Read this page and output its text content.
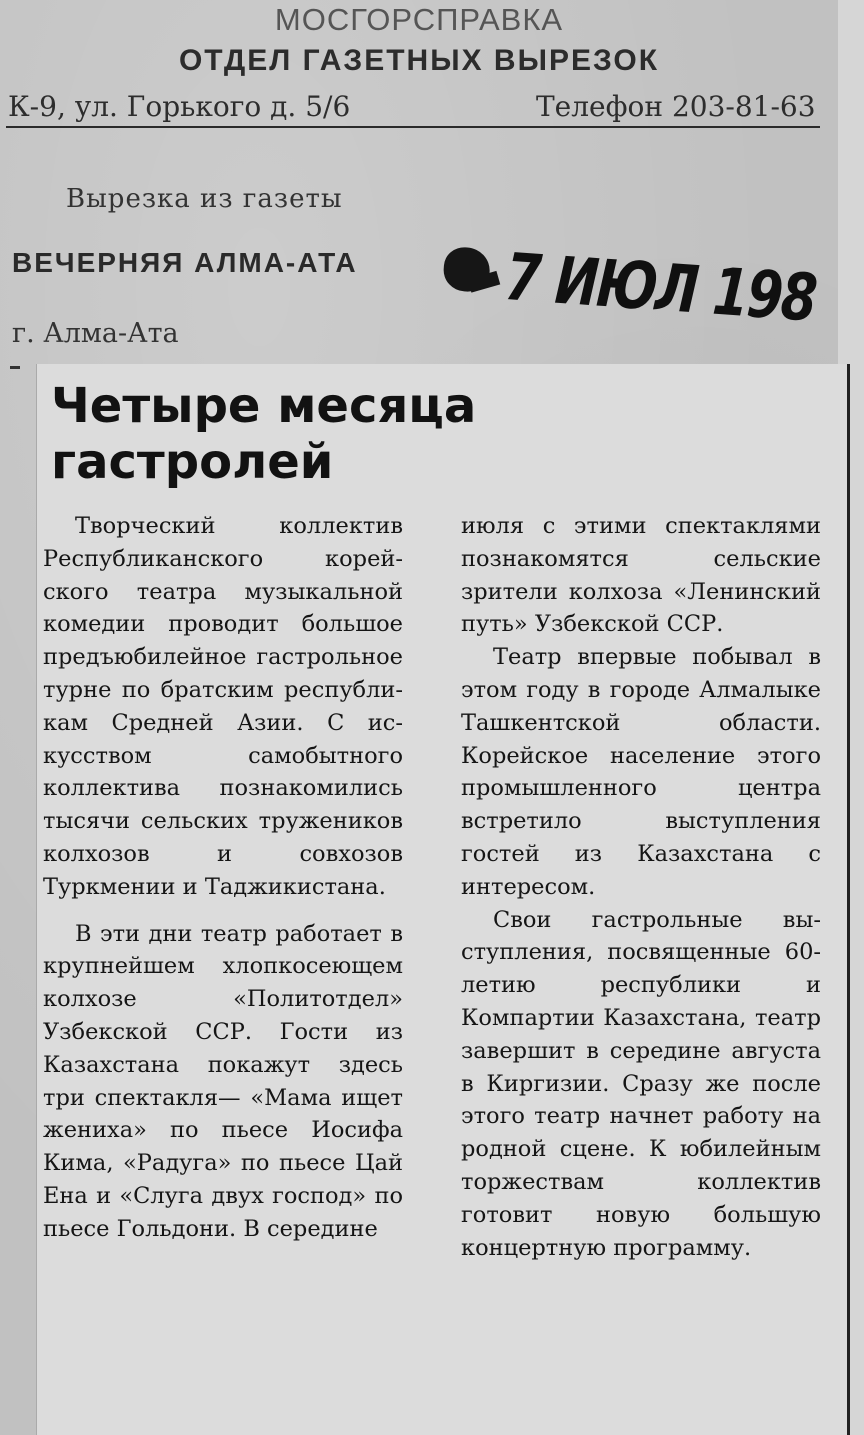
МОСГОРСПРАВКА
ОТДЕЛ ГАЗЕТНЫХ ВЫРЕЗОК
К-9, ул. Горького д. 5/6	Телефон 203-81-63
Вырезка из газеты
ВЕЧЕРНЯЯ АЛМА-АТА
г. Алма-Ата	7 ИЮЛ 198
Четыре месяца
гастролей

Творческий коллектив Республиканского корейского театра музыкальной комедии проводит большое предъюбилейное гастрольное турне по братским республикам Средней Азии. С искусством самобытного коллектива познакомились тысячи сельских тружеников колхозов и совхозов Туркмении и Таджикистана.

В эти дни театр работает в крупнейшем хлопкосеющем колхозе «Политотдел» Узбекской ССР. Гости из Казахстана покажут здесь три спектакля— «Мама ищет жениха» по пьесе Иосифа Кима, «Радуга» по пьесе Цай Ена и «Слуга двух господ» по пьесе Гольдони. В середине

июля с этими спектаклями познакомятся сельские зрители колхоза «Ленинский путь» Узбекской ССР.

Театр впервые побывал в этом году в городе Алмалыке Ташкентской области. Корейское население этого промышленного центра встретило выступления гостей из Казахстана с интересом.

Свои гастрольные выступления, посвященные 60-летию республики и Компартии Казахстана, театр завершит в середине августа в Киргизии. Сразу же после этого театр начнет работу на родной сцене. К юбилейным торжествам коллектив готовит новую большую концертную программу.
